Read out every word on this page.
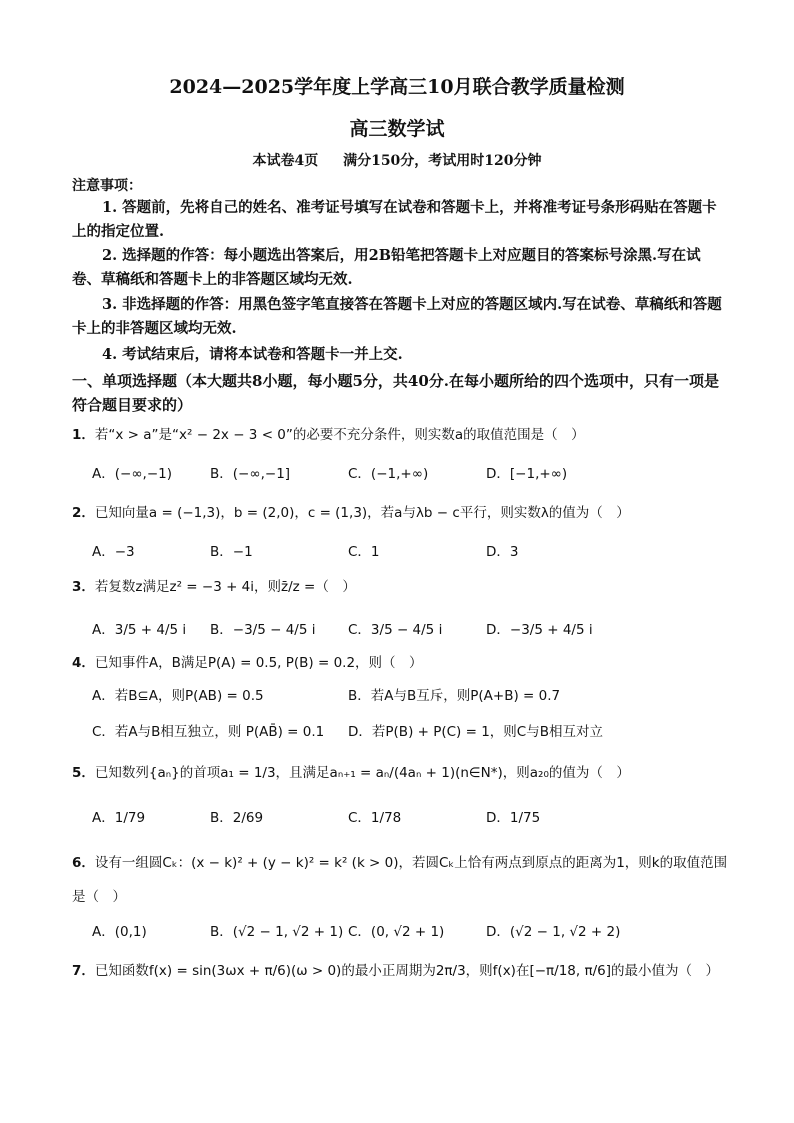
2024—2025学年度上学高三10月联合教学质量检测
高三数学试
本试卷4页 满分150分，考试用时120分钟
注意事项：
1. 答题前，先将自己的姓名、准考证号填写在试卷和答题卡上，并将准考证号条形码贴在答题卡上的指定位置.
2. 选择题的作答：每小题选出答案后，用2B铅笔把答题卡上对应题目的答案标号涂黑.写在试卷、草稿纸和答题卡上的非答题区域均无效.
3. 非选择题的作答：用黑色签字笔直接答在答题卡上对应的答题区域内.写在试卷、草稿纸和答题卡上的非答题区域均无效.
4. 考试结束后，请将本试卷和答题卡一并上交.
一、单项选择题（本大题共8小题，每小题5分，共40分.在每小题所给的四个选项中，只有一项是符合题目要求的）
1．若“x > a”是“x² − 2x − 3 < 0”的必要不充分条件，则实数a的取值范围是（　）
A．(−∞,−1)	B．(−∞,−1]	C．(−1,+∞)	D．[−1,+∞)
2．已知向量a = (−1,3)，b = (2,0)，c = (1,3)，若a与λb − c平行，则实数λ的值为（　）
A．−3	B．−1	C．1	D．3
3．若复数z满足z² = −3 + 4i，则z̄/z =（　）
A．3/5 + 4/5 i B．−3/5 − 4/5 i C．3/5 − 4/5 i	D．−3/5 + 4/5 i
4．已知事件A，B满足P(A) = 0.5, P(B) = 0.2，则（　）
A．若B⊆A，则P(AB) = 0.5	B．若A与B互斥，则P(A+B) = 0.7
C．若A与B相互独立，则 P(AB̄) = 0.1 D．若P(B) + P(C) = 1，则C与B相互对立
5．已知数列{aₙ}的首项a₁ = 1/3，且满足aₙ₊₁ = aₙ/(4aₙ + 1)(n∈N*)，则a₂₀的值为（　）
A．1/79	B．2/69	C．1/78	D．1/75
6．设有一组圆Cₖ：(x − k)² + (y − k)² = k² (k > 0)，若圆Cₖ上恰有两点到原点的距离为1，则k的取值范围是（　）
A．(0,1)	B．(√2 − 1, √2 + 1) C．(0, √2 + 1)	D．(√2 − 1, √2 + 2)
7．已知函数f(x) = sin(3ωx + π/6)(ω > 0)的最小正周期为2π/3，则f(x)在[−π/18, π/6]的最小值为（　）
